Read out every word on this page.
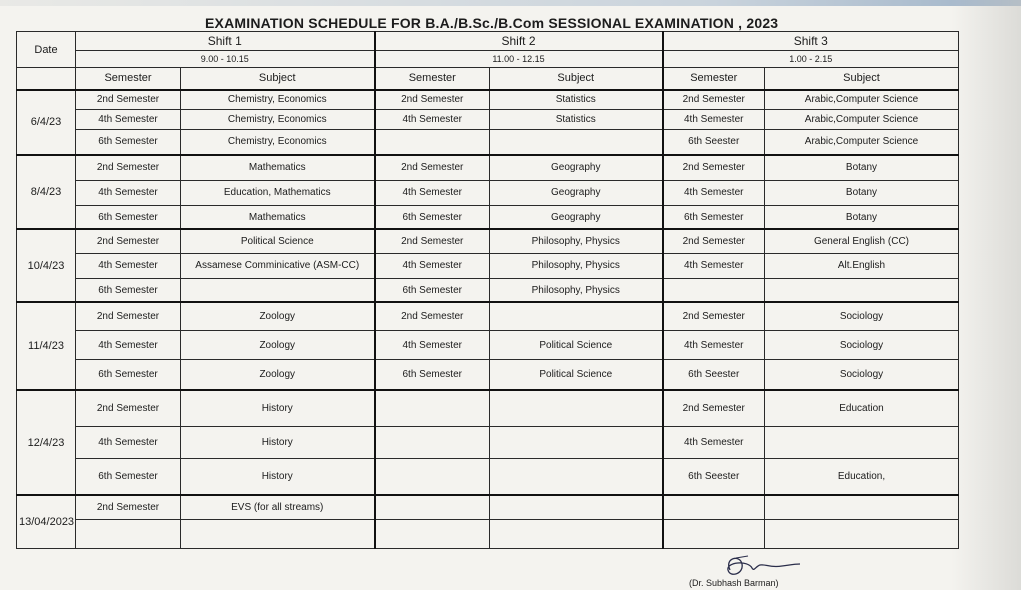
EXAMINATION SCHEDULE FOR B.A./B.Sc./B.Com SESSIONAL EXAMINATION , 2023
Date	Shift 1		Shift 2		Shift 3	
	9.00 - 10.15		11.00 - 12.15		1.00 - 2.15	
	Semester	Subject	Semester	Subject	Semester	Subject
6/4/23	2nd Semester	Chemistry, Economics	2nd Semester	Statistics	2nd Semester	Arabic,Computer Science
	4th Semester	Chemistry, Economics	4th Semester	Statistics	4th Semester	Arabic,Computer Science
	6th Semester	Chemistry, Economics			6th Seester	Arabic,Computer Science
8/4/23	2nd Semester	Mathematics	2nd Semester	Geography	2nd Semester	Botany
	4th Semester	Education, Mathematics	4th Semester	Geography	4th Semester	Botany
	6th Semester	Mathematics	6th Semester	Geography	6th Semester	Botany
10/4/23	2nd Semester	Political Science	2nd Semester	Philosophy, Physics	2nd Semester	General English (CC)
	4th Semester	Assamese Comminicative (ASM-CC)	4th Semester	Philosophy, Physics	4th Semester	Alt.English
	6th Semester		6th Semester	Philosophy, Physics		
11/4/23	2nd Semester	Zoology	2nd Semester		2nd Semester	Sociology
	4th Semester	Zoology	4th Semester	Political Science	4th Semester	Sociology
	6th Semester	Zoology	6th Semester	Political Science	6th Seester	Sociology
12/4/23	2nd Semester	History			2nd Semester	Education
	4th Semester	History			4th Semester	
	6th Semester	History			6th Seester	Education,
13/04/2023	2nd Semester	EVS (for all streams)				

(Dr. Subhash Barman)
